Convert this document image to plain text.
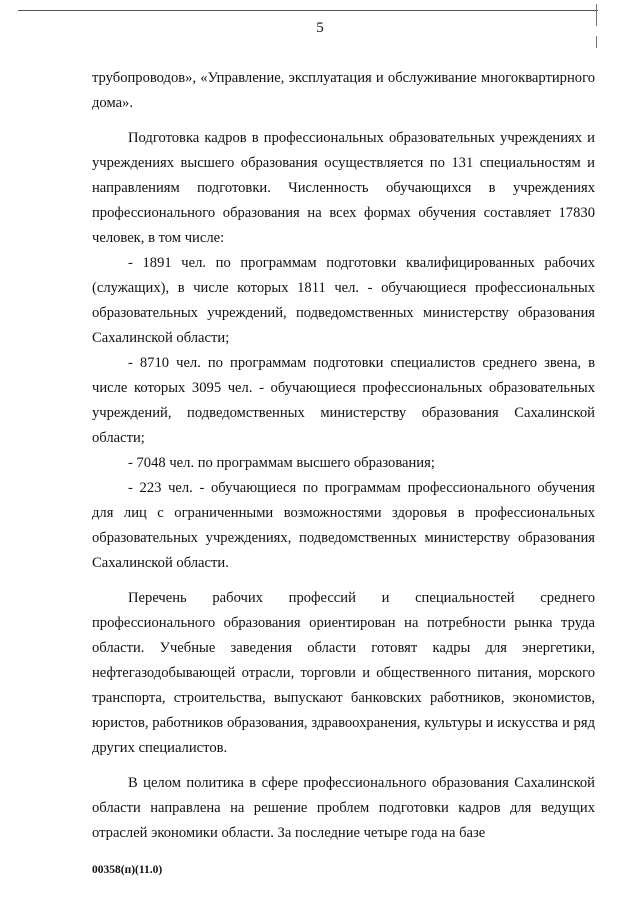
5

трубопроводов», «Управление, эксплуатация и обслуживание многоквартирного дома».

Подготовка кадров в профессиональных образовательных учреждениях и учреждениях высшего образования осуществляется по 131 специальностям и направлениям подготовки. Численность обучающихся в учреждениях профессионального образования на всех формах обучения составляет 17830 человек, в том числе:

- 1891 чел. по программам подготовки квалифицированных рабочих (служащих), в числе которых 1811 чел. - обучающиеся профессиональных образовательных учреждений, подведомственных министерству образования Сахалинской области;

- 8710 чел. по программам подготовки специалистов среднего звена, в числе которых 3095 чел. - обучающиеся профессиональных образовательных учреждений, подведомственных министерству образования Сахалинской области;

- 7048 чел. по программам высшего образования;

- 223 чел. - обучающиеся по программам профессионального обучения для лиц с ограниченными возможностями здоровья в профессиональных образовательных учреждениях, подведомственных министерству образования Сахалинской области.

Перечень рабочих профессий и специальностей среднего профессионального образования ориентирован на потребности рынка труда области. Учебные заведения области готовят кадры для энергетики, нефтегазодобывающей отрасли, торговли и общественного питания, морского транспорта, строительства, выпускают банковских работников, экономистов, юристов, работников образования, здравоохранения, культуры и искусства и ряд других специалистов.

В целом политика в сфере профессионального образования Сахалинской области направлена на решение проблем подготовки кадров для ведущих отраслей экономики области. За последние четыре года на базе

00358(п)(11.0)
